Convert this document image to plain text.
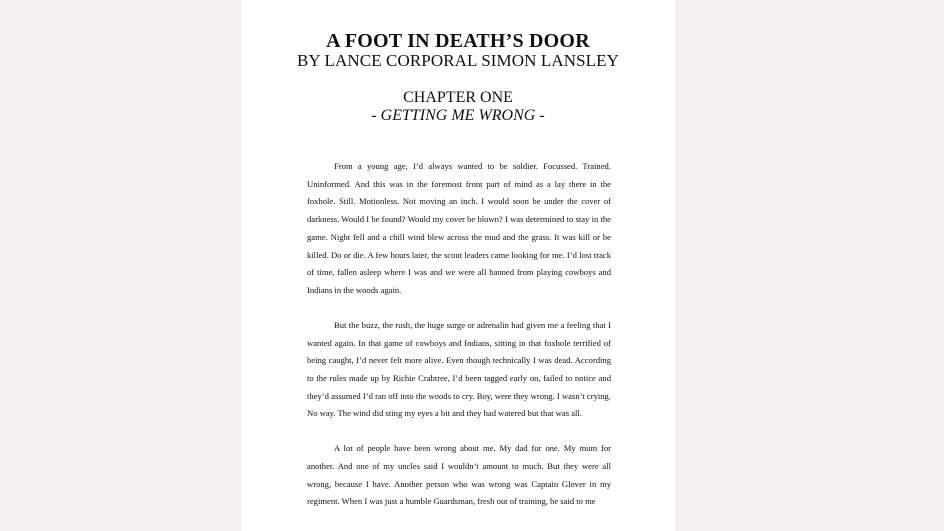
A FOOT IN DEATH’S DOOR
BY LANCE CORPORAL SIMON LANSLEY
CHAPTER ONE
- GETTING ME WRONG -

From a young age, I’d always wanted to be soldier. Focussed. Trained. Uninformed. And this was in the foremost front part of mind as a lay there in the foxhole. Still. Motionless. Not moving an inch. I would soon be under the cover of darkness. Would I be found? Would my cover be blown? I was determined to stay in the game. Night fell and a chill wind blew across the mud and the grass. It was kill or be killed. Do or die. A few hours later, the scout leaders came looking for me. I’d lost track of time, fallen asleep where I was and we were all banned from playing cowboys and Indians in the woods again.

But the buzz, the rush, the huge surge or adrenalin had given me a feeling that I wanted again. In that game of cowboys and Indians, sitting in that foxhole terrified of being caught, I’d never felt more alive. Even though technically I was dead. According to the rules made up by Richie Crabtree, I’d been tagged early on, failed to notice and they’d assumed I’d ran off into the woods to cry. Boy, were they wrong. I wasn’t crying. No way. The wind did sting my eyes a bit and they had watered but that was all.

A lot of people have been wrong about me. My dad for one. My mum for another. And one of my uncles said I wouldn’t amount to much. But they were all wrong, because I have. Another person who was wrong was Captain Glover in my regiment. When I was just a humble Guardsman, fresh out of training, he said to me
